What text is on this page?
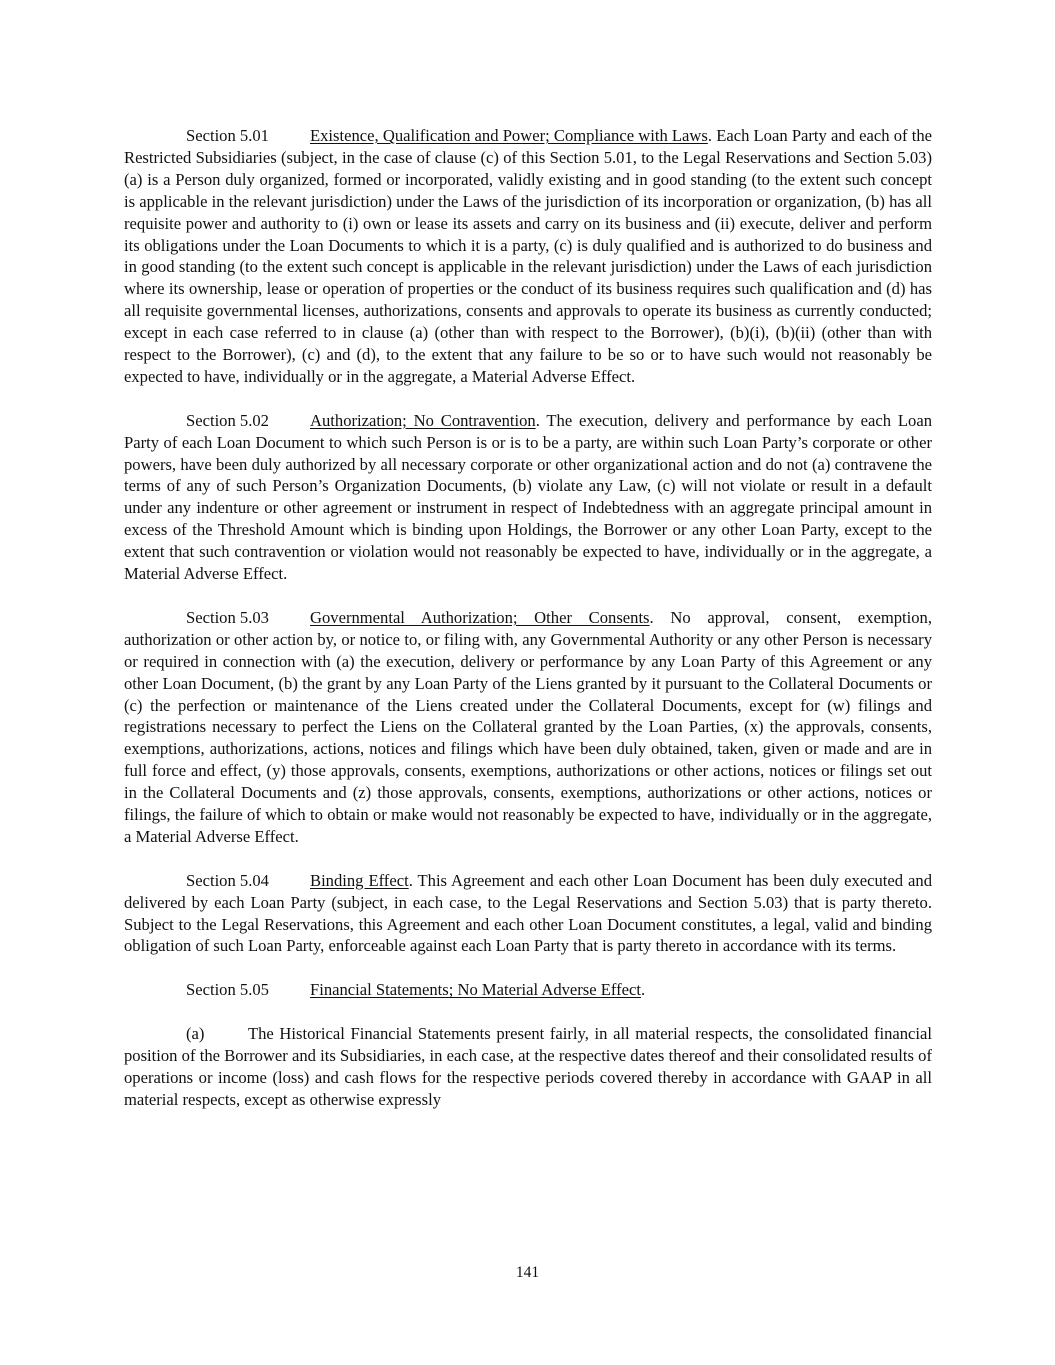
Section 5.01 Existence, Qualification and Power; Compliance with Laws. Each Loan Party and each of the Restricted Subsidiaries (subject, in the case of clause (c) of this Section 5.01, to the Legal Reservations and Section 5.03) (a) is a Person duly organized, formed or incorporated, validly existing and in good standing (to the extent such concept is applicable in the relevant jurisdiction) under the Laws of the jurisdiction of its incorporation or organization, (b) has all requisite power and authority to (i) own or lease its assets and carry on its business and (ii) execute, deliver and perform its obligations under the Loan Documents to which it is a party, (c) is duly qualified and is authorized to do business and in good standing (to the extent such concept is applicable in the relevant jurisdiction) under the Laws of each jurisdiction where its ownership, lease or operation of properties or the conduct of its business requires such qualification and (d) has all requisite governmental licenses, authorizations, consents and approvals to operate its business as currently conducted; except in each case referred to in clause (a) (other than with respect to the Borrower), (b)(i), (b)(ii) (other than with respect to the Borrower), (c) and (d), to the extent that any failure to be so or to have such would not reasonably be expected to have, individually or in the aggregate, a Material Adverse Effect.

Section 5.02 Authorization; No Contravention. The execution, delivery and performance by each Loan Party of each Loan Document to which such Person is or is to be a party, are within such Loan Party’s corporate or other powers, have been duly authorized by all necessary corporate or other organizational action and do not (a) contravene the terms of any of such Person’s Organization Documents, (b) violate any Law, (c) will not violate or result in a default under any indenture or other agreement or instrument in respect of Indebtedness with an aggregate principal amount in excess of the Threshold Amount which is binding upon Holdings, the Borrower or any other Loan Party, except to the extent that such contravention or violation would not reasonably be expected to have, individually or in the aggregate, a Material Adverse Effect.

Section 5.03 Governmental Authorization; Other Consents. No approval, consent, exemption, authorization or other action by, or notice to, or filing with, any Governmental Authority or any other Person is necessary or required in connection with (a) the execution, delivery or performance by any Loan Party of this Agreement or any other Loan Document, (b) the grant by any Loan Party of the Liens granted by it pursuant to the Collateral Documents or (c) the perfection or maintenance of the Liens created under the Collateral Documents, except for (w) filings and registrations necessary to perfect the Liens on the Collateral granted by the Loan Parties, (x) the approvals, consents, exemptions, authorizations, actions, notices and filings which have been duly obtained, taken, given or made and are in full force and effect, (y) those approvals, consents, exemptions, authorizations or other actions, notices or filings set out in the Collateral Documents and (z) those approvals, consents, exemptions, authorizations or other actions, notices or filings, the failure of which to obtain or make would not reasonably be expected to have, individually or in the aggregate, a Material Adverse Effect.

Section 5.04 Binding Effect. This Agreement and each other Loan Document has been duly executed and delivered by each Loan Party (subject, in each case, to the Legal Reservations and Section 5.03) that is party thereto. Subject to the Legal Reservations, this Agreement and each other Loan Document constitutes, a legal, valid and binding obligation of such Loan Party, enforceable against each Loan Party that is party thereto in accordance with its terms.

Section 5.05 Financial Statements; No Material Adverse Effect.

(a)	The Historical Financial Statements present fairly, in all material respects, the consolidated financial position of the Borrower and its Subsidiaries, in each case, at the respective dates thereof and their consolidated results of operations or income (loss) and cash flows for the respective periods covered thereby in accordance with GAAP in all material respects, except as otherwise expressly

141
